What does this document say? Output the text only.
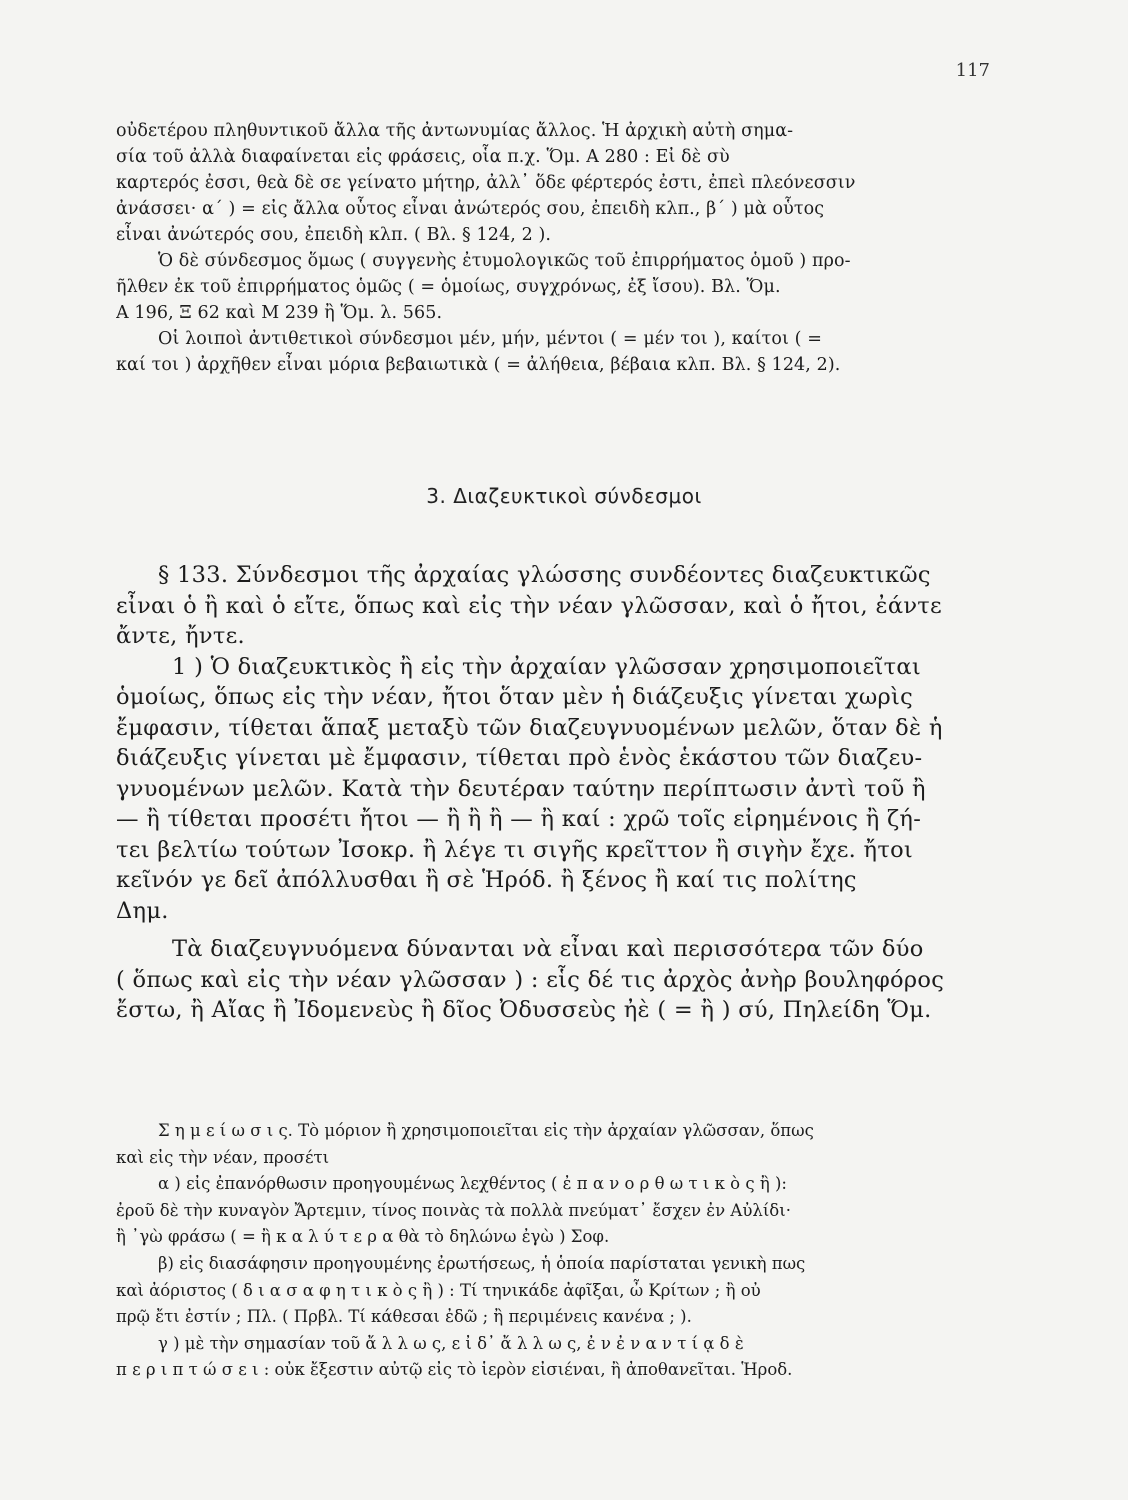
117
οὐδετέρου πληθυντικοῦ ἄλλα τῆς ἀντωνυμίας ἄλλος. Ἡ ἀρχικὴ αὐτὴ σημα-
σία τοῦ ἀλλὰ διαφαίνεται εἰς φράσεις, οἷα π.χ. Ὅμ. Α 280 : Εἰ δὲ σὺ
καρτερός ἐσσι, θεὰ δὲ σε γείνατο μήτηρ, ἀλλ᾽ ὅδε φέρτερός ἐστι, ἐπεὶ πλεόνεσσιν
ἀνάσσει· α΄ ) = εἰς ἄλλα οὗτος εἶναι ἀνώτερός σου, ἐπειδὴ κλπ., β΄ ) μὰ οὗτος
εἶναι ἀνώτερός σου, ἐπειδὴ κλπ. ( Βλ. § 124, 2 ).
Ὁ δὲ σύνδεσμος ὅμως ( συγγενὴς ἐτυμολογικῶς τοῦ ἐπιρρήματος ὁμοῦ ) προ-
ῆλθεν ἐκ τοῦ ἐπιρρήματος ὁμῶς ( = ὁμοίως, συγχρόνως, ἐξ ἴσου). Βλ. Ὅμ.
Α 196, Ξ 62 καὶ Μ 239 ἢ Ὅμ. λ. 565.
Οἱ λοιποὶ ἀντιθετικοὶ σύνδεσμοι μέν, μήν, μέντοι ( = μέν τοι ), καίτοι ( =
καί τοι ) ἀρχῆθεν εἶναι μόρια βεβαιωτικὰ ( = ἀλήθεια, βέβαια κλπ. Βλ. § 124, 2).
3. Διαζευκτικοὶ σύνδεσμοι
§ 133. Σύνδεσμοι τῆς ἀρχαίας γλώσσης συνδέοντες διαζευκτικῶς
εἶναι ὁ ἢ καὶ ὁ εἴτε, ὅπως καὶ εἰς τὴν νέαν γλῶσσαν, καὶ ὁ ἤτοι, ἐάντε
ἄντε, ἤντε.
1 ) Ὁ διαζευκτικὸς ἢ εἰς τὴν ἀρχαίαν γλῶσσαν χρησιμοποιεῖται
ὁμοίως, ὅπως εἰς τὴν νέαν, ἤτοι ὅταν μὲν ἡ διάζευξις γίνεται χωρὶς
ἔμφασιν, τίθεται ἅπαξ μεταξὺ τῶν διαζευγνυομένων μελῶν, ὅταν δὲ ἡ
διάζευξις γίνεται μὲ ἔμφασιν, τίθεται πρὸ ἑνὸς ἑκάστου τῶν διαζευ-
γνυομένων μελῶν. Κατὰ τὴν δευτέραν ταύτην περίπτωσιν ἀντὶ τοῦ ἢ
— ἢ τίθεται προσέτι ἤτοι — ἢ ἢ ἢ — ἢ καί : χρῶ τοῖς εἰρημένοις ἢ ζή-
τει βελτίω τούτων Ἰσοκρ. ἢ λέγε τι σιγῆς κρεῖττον ἢ σιγὴν ἔχε. ἤτοι
κεῖνόν γε δεῖ ἀπόλλυσθαι ἢ σὲ Ἡρόδ. ἢ ξένος ἢ καί τις πολίτης
Δημ.
Τὰ διαζευγνυόμενα δύνανται νὰ εἶναι καὶ περισσότερα τῶν δύο
( ὅπως καὶ εἰς τὴν νέαν γλῶσσαν ) : εἷς δέ τις ἀρχὸς ἀνὴρ βουληφόρος
ἔστω, ἢ Αἴας ἢ Ἰδομενεὺς ἢ δῖος Ὀδυσσεὺς ἠὲ ( = ἢ ) σύ, Πηλείδη Ὅμ.
Σ η μ ε ί ω σ ι ς. Τὸ μόριον ἢ χρησιμοποιεῖται εἰς τὴν ἀρχαίαν γλῶσσαν, ὅπως
καὶ εἰς τὴν νέαν, προσέτι
α ) εἰς ἐπανόρθωσιν προηγουμένως λεχθέντος ( ἐ π α ν ο ρ θ ω τ ι κ ὸ ς ἢ ):
ἐροῦ δὲ τὴν κυναγὸν Ἄρτεμιν, τίνος ποινὰς τὰ πολλὰ πνεύματ᾽ ἔσχεν ἐν Αὐλίδι·
ἢ ᾽γὼ φράσω ( = ἢ κ α λ ύ τ ε ρ α θὰ τὸ δηλώνω ἐγὼ ) Σοφ.
β) εἰς διασάφησιν προηγουμένης ἐρωτήσεως, ἡ ὁποία παρίσταται γενικὴ πως
καὶ ἀόριστος ( δ ι α σ α φ η τ ι κ ὸ ς ἢ ) : Τί τηνικάδε ἀφῖξαι, ὦ Κρίτων ; ἢ οὐ
πρῷ ἔτι ἐστίν ; Πλ. ( Πρβλ. Τί κάθεσαι ἐδῶ ; ἢ περιμένεις κανένα ; ).
γ ) μὲ τὴν σημασίαν τοῦ ἄ λ λ ω ς, ε ἰ δ᾽ ἄ λ λ ω ς, ἐ ν ἐ ν α ν τ ί ᾳ δ ὲ
π ε ρ ι π τ ώ σ ε ι : οὐκ ἔξεστιν αὐτῷ εἰς τὸ ἱερὸν εἰσιέναι, ἢ ἀποθανεῖται. Ἡροδ.
